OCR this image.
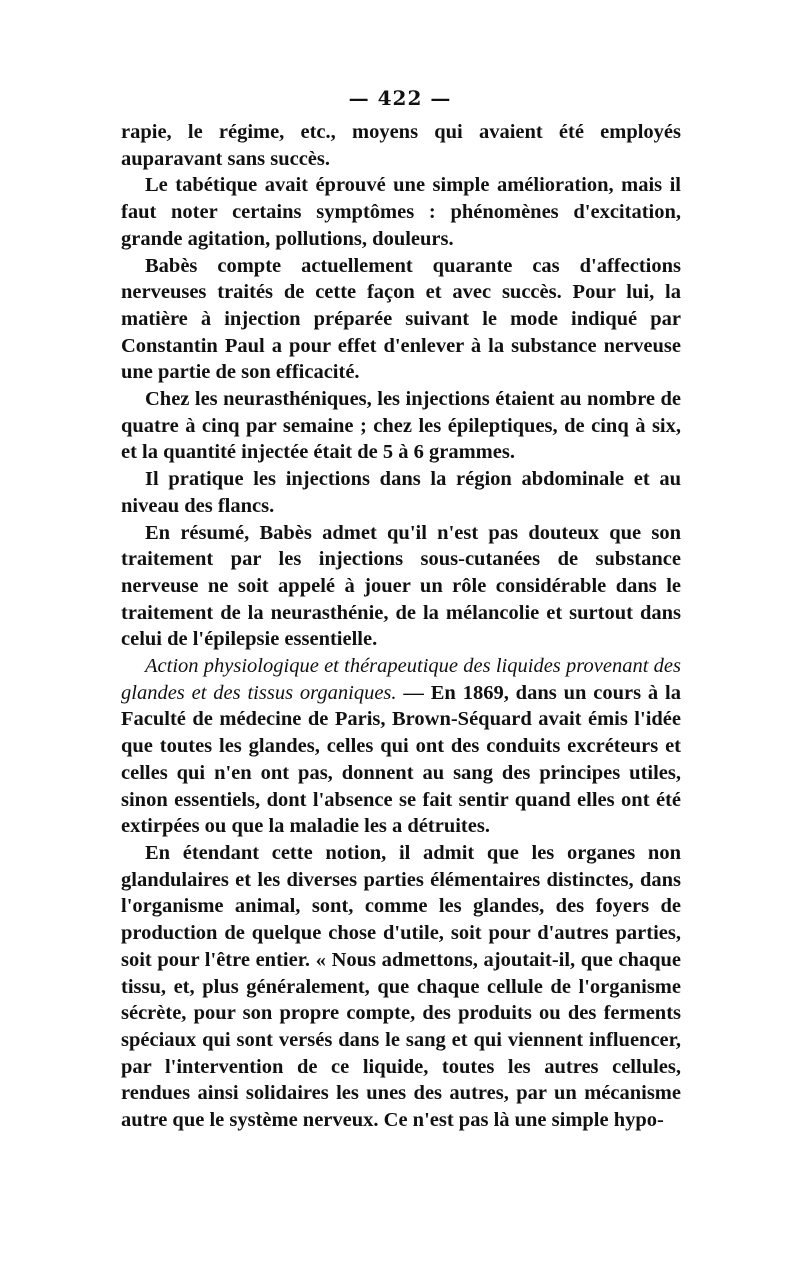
— 422 —

rapie, le régime, etc., moyens qui avaient été employés auparavant sans succès.

Le tabétique avait éprouvé une simple amélioration, mais il faut noter certains symptômes : phénomènes d'excitation, grande agitation, pollutions, douleurs.

Babès compte actuellement quarante cas d'affections nerveuses traités de cette façon et avec succès. Pour lui, la matière à injection préparée suivant le mode indiqué par Constantin Paul a pour effet d'enlever à la substance nerveuse une partie de son efficacité.

Chez les neurasthéniques, les injections étaient au nombre de quatre à cinq par semaine ; chez les épileptiques, de cinq à six, et la quantité injectée était de 5 à 6 grammes.

Il pratique les injections dans la région abdominale et au niveau des flancs.

En résumé, Babès admet qu'il n'est pas douteux que son traitement par les injections sous-cutanées de substance nerveuse ne soit appelé à jouer un rôle considérable dans le traitement de la neurasthénie, de la mélancolie et surtout dans celui de l'épilepsie essentielle.

Action physiologique et thérapeutique des liquides provenant des glandes et des tissus organiques. — En 1869, dans un cours à la Faculté de médecine de Paris, Brown-Séquard avait émis l'idée que toutes les glandes, celles qui ont des conduits excréteurs et celles qui n'en ont pas, donnent au sang des principes utiles, sinon essentiels, dont l'absence se fait sentir quand elles ont été extirpées ou que la maladie les a détruites.

En étendant cette notion, il admit que les organes non glandulaires et les diverses parties élémentaires distinctes, dans l'organisme animal, sont, comme les glandes, des foyers de production de quelque chose d'utile, soit pour d'autres parties, soit pour l'être entier. « Nous admettons, ajoutait-il, que chaque tissu, et, plus généralement, que chaque cellule de l'organisme sécrète, pour son propre compte, des produits ou des ferments spéciaux qui sont versés dans le sang et qui viennent influencer, par l'intervention de ce liquide, toutes les autres cellules, rendues ainsi solidaires les unes des autres, par un mécanisme autre que le système nerveux. Ce n'est pas là une simple hypo-
